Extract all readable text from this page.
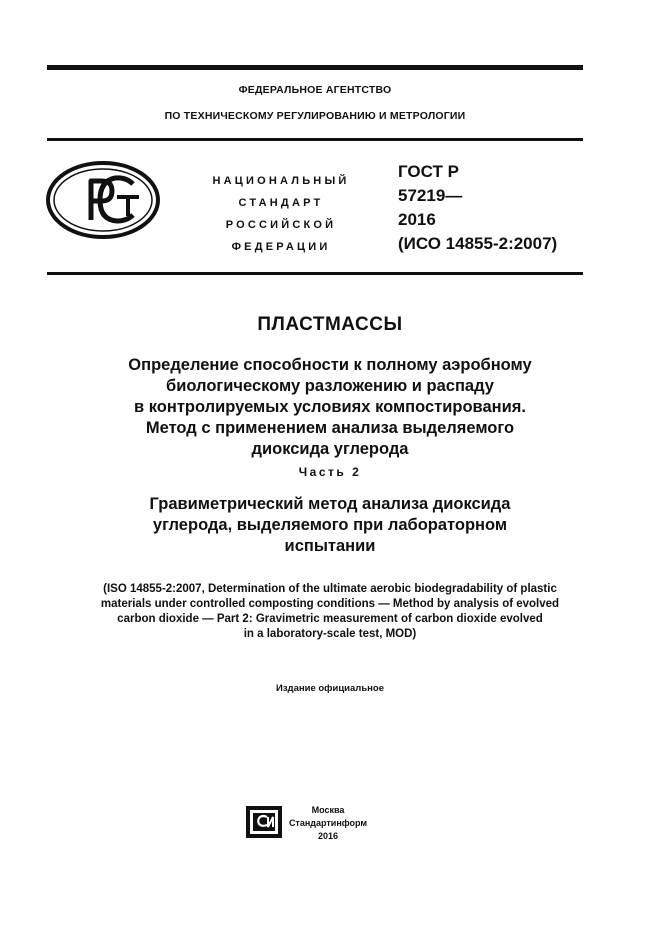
ФЕДЕРАЛЬНОЕ АГЕНТСТВО
ПО ТЕХНИЧЕСКОМУ РЕГУЛИРОВАНИЮ И МЕТРОЛОГИИ
НАЦИОНАЛЬНЫЙ
СТАНДАРТ
РОССИЙСКОЙ
ФЕДЕРАЦИИ
ГОСТ Р
57219—
2016
(ИСО 14855-2:2007)
ПЛАСТМАССЫ
Определение способности к полному аэробному
биологическому разложению и распаду
в контролируемых условиях компостирования.
Метод с применением анализа выделяемого
диоксида углерода
Часть 2
Гравиметрический метод анализа диоксида
углерода, выделяемого при лабораторном
испытании
(ISO 14855-2:2007, Determination of the ultimate aerobic biodegradability of plastic
materials under controlled composting conditions — Method by analysis of evolved
carbon dioxide — Part 2: Gravimetric measurement of carbon dioxide evolved
in a laboratory-scale test, MOD)
Издание официальное
Москва
Стандартинформ
2016
